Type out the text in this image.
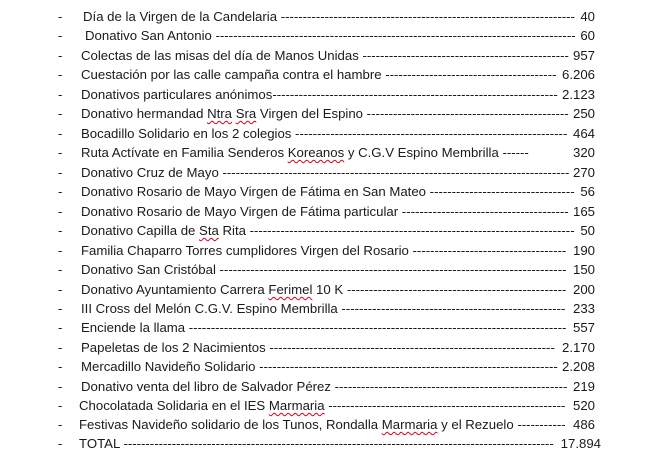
- Día de la Virgen de la Candelaria ------------------------------------------------------------------- 40
- Donativo San Antonio ---------------------------------------------------------------------------------- 60
- Colectas de las misas del día de Manos Unidas ----------------------------------------------- 957
- Cuestación por las calle campaña contra el hambre --------------------------------------- 6.206
- Donativos particulares anónimos----------------------------------------------------------------- 2.123
- Donativo hermandad Ntra Sra Virgen del Espino ---------------------------------------------- 250
- Bocadillo Solidario en los 2 colegios -------------------------------------------------------------- 464
- Ruta Actívate en Familia Senderos Koreanos y C.G.V Espino Membrilla ------	320
- Donativo Cruz de Mayo ------------------------------------------------------------------------------- 270
- Donativo Rosario de Mayo Virgen de Fátima en San Mateo --------------------------------- 56
- Donativo Rosario de Mayo Virgen de Fátima particular -------------------------------------- 165
- Donativo Capilla de Sta Rita -------------------------------------------------------------------------- 50
- Familia Chaparro Torres cumplidores Virgen del Rosario ----------------------------------- 190
- Donativo San Cristóbal ------------------------------------------------------------------------------- 150
- Donativo Ayuntamiento Carrera Ferimel 10 K -------------------------------------------------- 200
- III Cross del Melón C.G.V. Espino Membrilla --------------------------------------------------- 233
- Enciende la llama -------------------------------------------------------------------------------------- 557
- Papeletas de los 2 Nacimientos ----------------------------------------------------------------- 2.170
- Mercadillo Navideño Solidario -------------------------------------------------------------------- 2.208
- Donativo venta del libro de Salvador Pérez ----------------------------------------------------- 219
- Chocolatada Solidaria en el IES Marmaria ------------------------------------------------------ 520
- Festivas Navideño solidario de los Tunos, Rondalla Marmaria y el Rezuelo ----------- 486
- TOTAL -------------------------------------------------------------------------------------------------- 17.894
